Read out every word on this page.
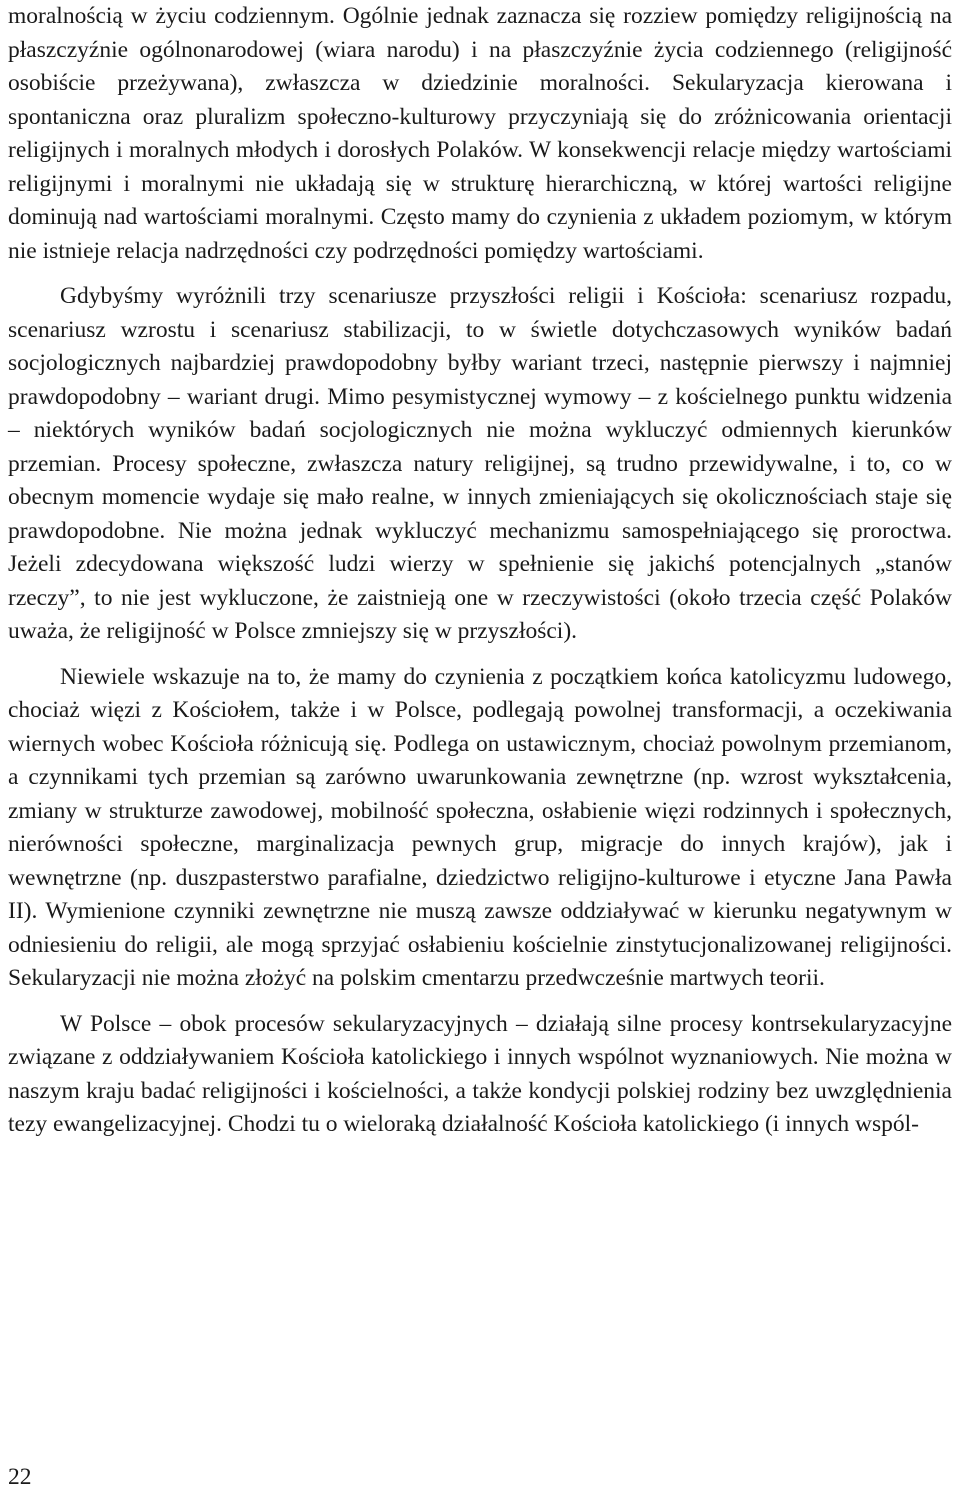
moralnością w życiu codziennym. Ogólnie jednak zaznacza się rozziew pomiędzy religijnością na płaszczyźnie ogólnonarodowej (wiara narodu) i na płaszczyźnie życia codziennego (religijność osobiście przeżywana), zwłaszcza w dziedzinie moralności. Sekularyzacja kierowana i spontaniczna oraz pluralizm społeczno-kulturowy przyczyniają się do zróżnicowania orientacji religijnych i moralnych młodych i dorosłych Polaków. W konsekwencji relacje między wartościami religijnymi i moralnymi nie układają się w strukturę hierarchiczną, w której wartości religijne dominują nad wartościami moralnymi. Często mamy do czynienia z układem poziomym, w którym nie istnieje relacja nadrzędności czy podrzędności pomiędzy wartościami.

Gdybyśmy wyróżnili trzy scenariusze przyszłości religii i Kościoła: scenariusz rozpadu, scenariusz wzrostu i scenariusz stabilizacji, to w świetle dotychczasowych wyników badań socjologicznych najbardziej prawdopodobny byłby wariant trzeci, następnie pierwszy i najmniej prawdopodobny – wariant drugi. Mimo pesymistycznej wymowy – z kościelnego punktu widzenia – niektórych wyników badań socjologicznych nie można wykluczyć odmiennych kierunków przemian. Procesy społeczne, zwłaszcza natury religijnej, są trudno przewidywalne, i to, co w obecnym momencie wydaje się mało realne, w innych zmieniających się okolicznościach staje się prawdopodobne. Nie można jednak wykluczyć mechanizmu samospełniającego się proroctwa. Jeżeli zdecydowana większość ludzi wierzy w spełnienie się jakichś potencjalnych „stanów rzeczy”, to nie jest wykluczone, że zaistnieją one w rzeczywistości (około trzecia część Polaków uważa, że religijność w Polsce zmniejszy się w przyszłości).

Niewiele wskazuje na to, że mamy do czynienia z początkiem końca katolicyzmu ludowego, chociaż więzi z Kościołem, także i w Polsce, podlegają powolnej transformacji, a oczekiwania wiernych wobec Kościoła różnicują się. Podlega on ustawicznym, chociaż powolnym przemianom, a czynnikami tych przemian są zarówno uwarunkowania zewnętrzne (np. wzrost wykształcenia, zmiany w strukturze zawodowej, mobilność społeczna, osłabienie więzi rodzinnych i społecznych, nierówności społeczne, marginalizacja pewnych grup, migracje do innych krajów), jak i wewnętrzne (np. duszpasterstwo parafialne, dziedzictwo religijno-kulturowe i etyczne Jana Pawła II). Wymienione czynniki zewnętrzne nie muszą zawsze oddziaływać w kierunku negatywnym w odniesieniu do religii, ale mogą sprzyjać osłabieniu kościelnie zinstytucjonalizowanej religijności. Sekularyzacji nie można złożyć na polskim cmentarzu przedwcześnie martwych teorii.

W Polsce – obok procesów sekularyzacyjnych – działają silne procesy kontrsekularyzacyjne związane z oddziaływaniem Kościoła katolickiego i innych wspólnot wyznaniowych. Nie można w naszym kraju badać religijności i kościelności, a także kondycji polskiej rodziny bez uwzględnienia tezy ewangelizacyjnej. Chodzi tu o wieloraką działalność Kościoła katolickiego (i innych wspól-

22
